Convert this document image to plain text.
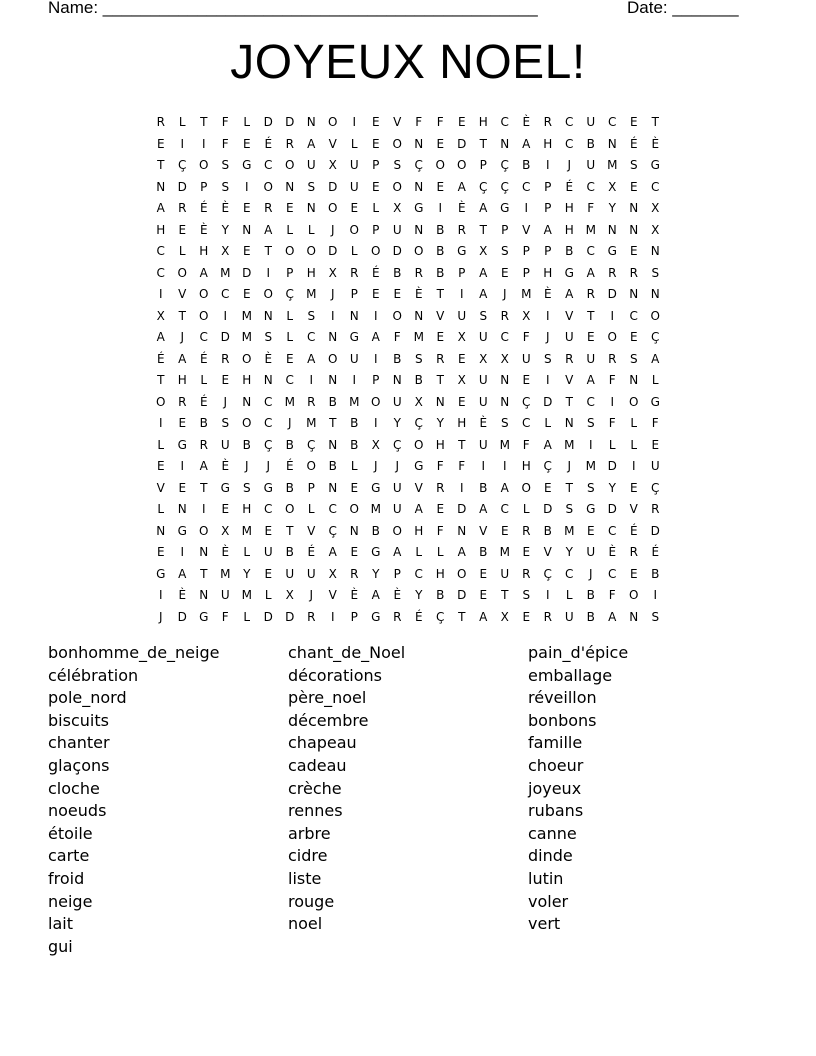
Name: ______________________________________________	Date: _______
JOYEUX NOEL!
R	L	T	F	L	D	D	N	O	I	E	V	F	F	E	H	C	È	R	C	U	C	E	T
E	I	I	F	E	É	R	A	V	L	E	O	N	E	D	T	N	A	H	C	B	N	É	È
T	Ç	O	S	G	C	O	U	X	U	P	S	Ç	O	O	P	Ç	B	I	J	U M	S	G
N	D	P	S	I	O	N	S	D	U	E	O	N	E	A	Ç	Ç	C	P	É	C	X	E	C
A	R	É	È	E	R	E	N	O	E	L	X	G	I	È	A	G	I	P	H	F	Y	N	X
H	E	È	Y	N	A	L	L	J	O	P	U	N	B	R	T	P	V	A	H M N	N	X
C	L	H	X	E	T	O	O	D	L	O	D	O	B	G	X	S	P	P	B	C	G	E	N
C	O	A	M D	I	P	H	X	R	É	B	R	B	P	A	E	P	H	G	A	R	R	S
I	V	O	C	E	O	Ç	M	J	P	E	E	È	T	I	A	J	M	È	A	R	D	N	N
X	T	O	I	M N	L	S	I	N	I	O	N	V	U	S	R	X	I	V	T	I	C	O
A	J	C	D M	S	L	C	N	G	A	F	M	E	X	U	C	F	J	U	E	O	E	Ç
É	A	É	R	O	È	E	A	O	U	I	B	S	R	E	X	X	U	S	R	U	R	S	A
T	H	L	E	H	N	C	I	N	I	P	N	B	T	X	U	N	E	I	V	A	F	N	L
O	R	É	J	N	C	M	R	B	M O	U	X	N	E	U	N	Ç	D	T	C	I	O	G
I	E	B	S	O	C	J	M	T	B	I	Y	Ç	Y	H	È	S	C	L	N	S	F	L	F
L	G	R	U	B	Ç	B	Ç	N	B	X	Ç	O	H	T	U M	F	A	M	I	L	L	E
E	I	A	È	J	J	É	O	B	L	J	J	G	F	F	I	I	H	Ç	J	M D	I	U
V	E	T	G	S	G	B	P	N	E	G	U	V	R	I	B	A	O	E	T	S	Y	E	Ç
L	N	I	E	H	C	O	L	C	O M U	A	E	D	A	C	L	D	S	G	D	V	R
N	G	O	X	M	E	T	V	Ç	N	B	O	H	F	N	V	E	R	B	M	E	C	É	D
E	I	N	È	L	U	B	É	A	E	G	A	L	L	A	B	M	E	V	Y	U	È	R	É
G	A	T	M	Y	E	U	U	X	R	Y	P	C	H	O	E	U	R	Ç	C	J	C	E	B
I	È	N	U M	L	X	J	V	È	A	È	Y	B	D	E	T	S	I	L	B	F	O	I
J	D	G	F	L	D	D	R	I	P	G	R	É	Ç	T	A	X	E	R	U	B	A	N	S
bonhomme_de_neige
célébration
pole_nord
biscuits
chanter
glaçons
cloche
noeuds
étoile
carte
froid
neige
lait
gui
chant_de_Noel
décorations
père_noel
décembre
chapeau
cadeau
crèche
rennes
arbre
cidre
liste
rouge
noel
pain_d'épice
emballage
réveillon
bonbons
famille
choeur
joyeux
rubans
canne
dinde
lutin
voler
vert
